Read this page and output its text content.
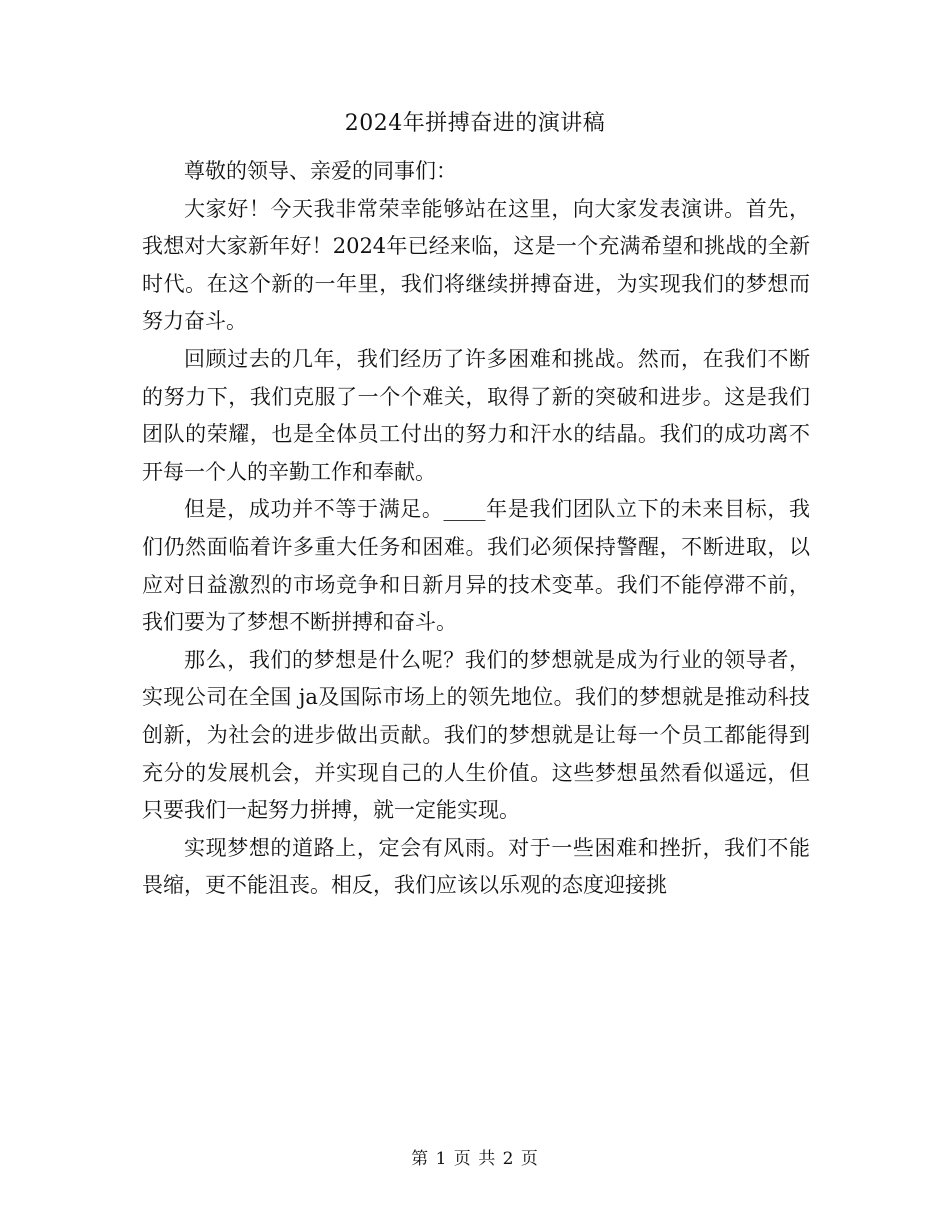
2024年拼搏奋进的演讲稿

尊敬的领导、亲爱的同事们：

大家好！今天我非常荣幸能够站在这里，向大家发表演讲。首先，我想对大家新年好！2024年已经来临，这是一个充满希望和挑战的全新时代。在这个新的一年里，我们将继续拼搏奋进，为实现我们的梦想而努力奋斗。

回顾过去的几年，我们经历了许多困难和挑战。然而，在我们不断的努力下，我们克服了一个个难关，取得了新的突破和进步。这是我们团队的荣耀，也是全体员工付出的努力和汗水的结晶。我们的成功离不开每一个人的辛勤工作和奉献。

但是，成功并不等于满足。____年是我们团队立下的未来目标，我们仍然面临着许多重大任务和困难。我们必须保持警醒，不断进取，以应对日益激烈的市场竞争和日新月异的技术变革。我们不能停滞不前，我们要为了梦想不断拼搏和奋斗。

那么，我们的梦想是什么呢？我们的梦想就是成为行业的领导者，实现公司在全国 ja及国际市场上的领先地位。我们的梦想就是推动科技创新，为社会的进步做出贡献。我们的梦想就是让每一个员工都能得到充分的发展机会，并实现自己的人生价值。这些梦想虽然看似遥远，但只要我们一起努力拼搏，就一定能实现。

实现梦想的道路上，定会有风雨。对于一些困难和挫折，我们不能畏缩，更不能沮丧。相反，我们应该以乐观的态度迎接挑

第 1 页 共 2 页
